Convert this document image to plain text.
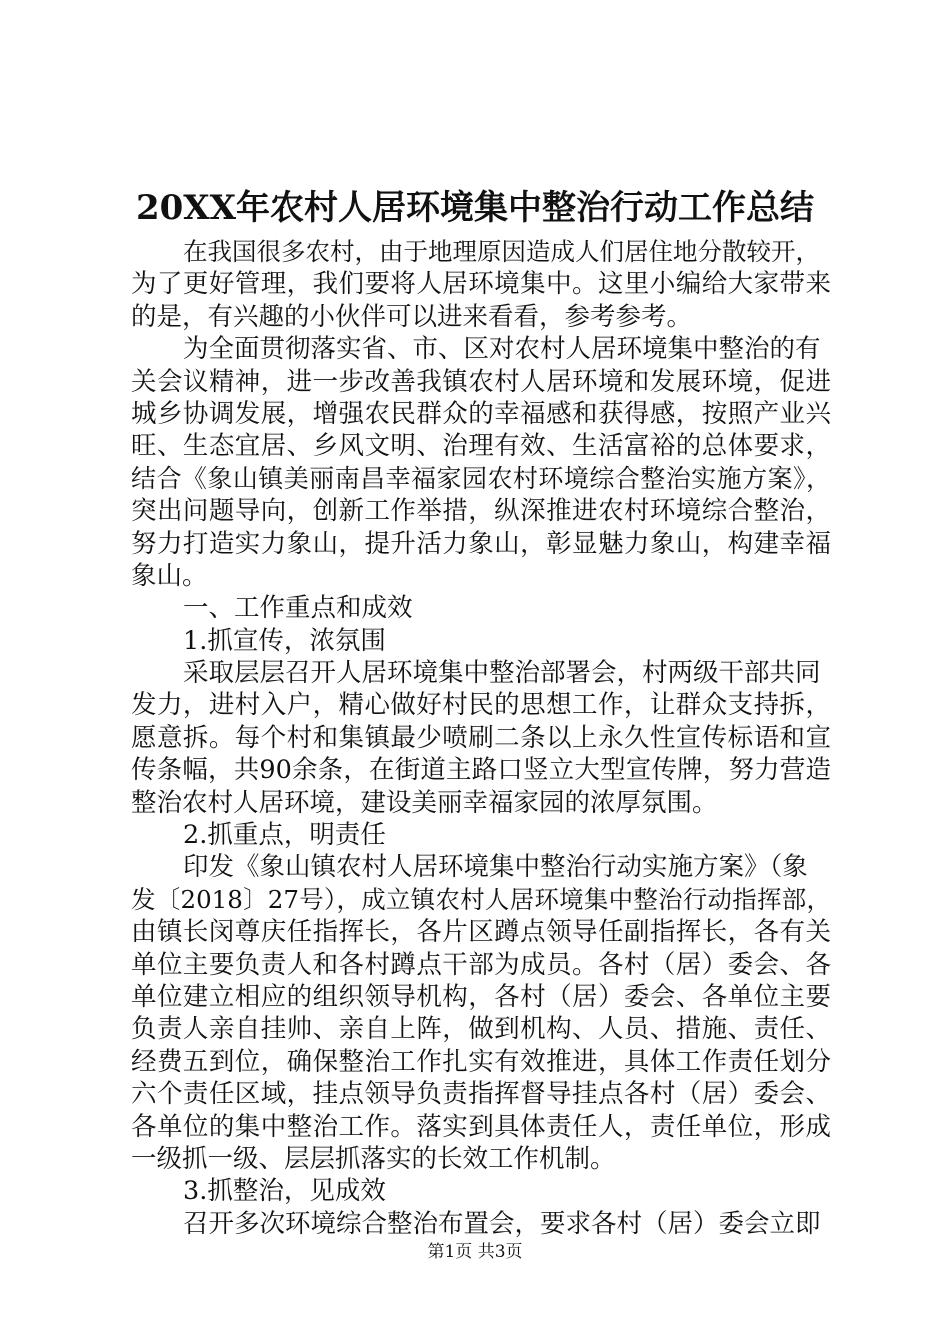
20XX年农村人居环境集中整治行动工作总结
在我国很多农村，由于地理原因造成人们居住地分散较开，
为了更好管理，我们要将人居环境集中。这里小编给大家带来
的是，有兴趣的小伙伴可以进来看看，参考参考。
为全面贯彻落实省、市、区对农村人居环境集中整治的有
关会议精神，进一步改善我镇农村人居环境和发展环境，促进
城乡协调发展，增强农民群众的幸福感和获得感，按照产业兴
旺、生态宜居、乡风文明、治理有效、生活富裕的总体要求，
结合《象山镇美丽南昌幸福家园农村环境综合整治实施方案》，
突出问题导向，创新工作举措，纵深推进农村环境综合整治，
努力打造实力象山，提升活力象山，彰显魅力象山，构建幸福
象山。
一、工作重点和成效
1.抓宣传，浓氛围
采取层层召开人居环境集中整治部署会，村两级干部共同
发力，进村入户，精心做好村民的思想工作，让群众支持拆，
愿意拆。每个村和集镇最少喷刷二条以上永久性宣传标语和宣
传条幅，共90余条，在街道主路口竖立大型宣传牌，努力营造
整治农村人居环境，建设美丽幸福家园的浓厚氛围。
2.抓重点，明责任
印发《象山镇农村人居环境集中整治行动实施方案》（象
发〔2018〕27号），成立镇农村人居环境集中整治行动指挥部，
由镇长闵尊庆任指挥长，各片区蹲点领导任副指挥长，各有关
单位主要负责人和各村蹲点干部为成员。各村（居）委会、各
单位建立相应的组织领导机构，各村（居）委会、各单位主要
负责人亲自挂帅、亲自上阵，做到机构、人员、措施、责任、
经费五到位，确保整治工作扎实有效推进，具体工作责任划分
六个责任区域，挂点领导负责指挥督导挂点各村（居）委会、
各单位的集中整治工作。落实到具体责任人，责任单位，形成
一级抓一级、层层抓落实的长效工作机制。
3.抓整治，见成效
召开多次环境综合整治布置会，要求各村（居）委会立即
第1页 共3页
